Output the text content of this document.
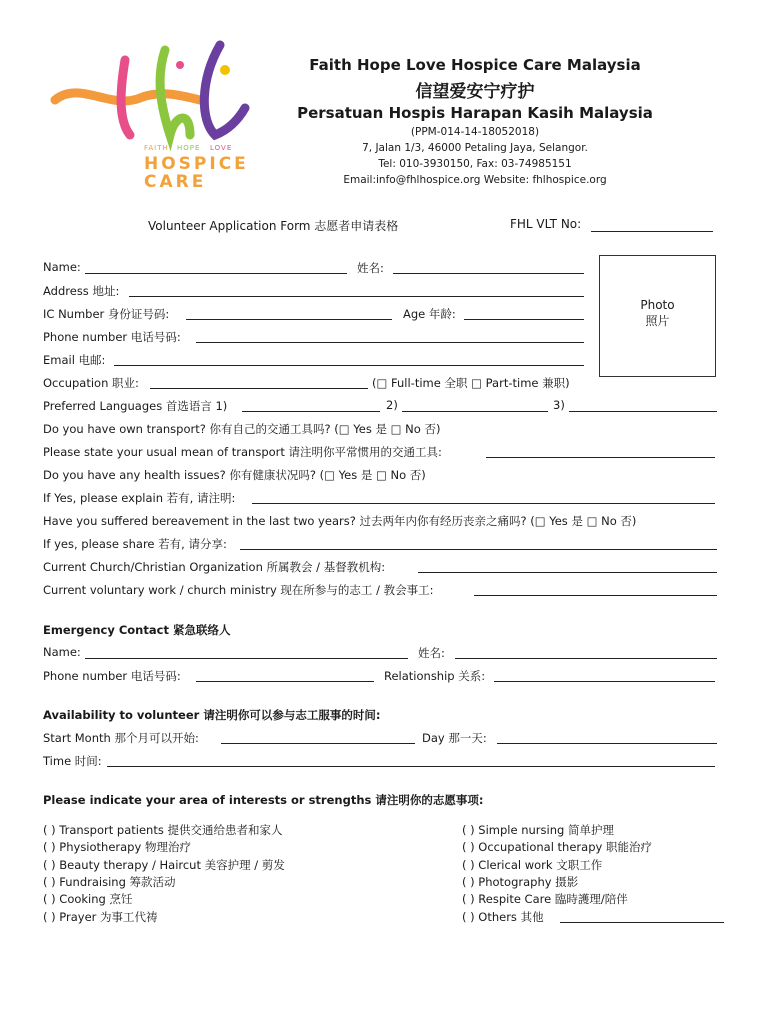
FAITH HOPE LOVE
HOSPICE
CARE
Faith Hope Love Hospice Care Malaysia
信望爱安宁疗护
Persatuan Hospis Harapan Kasih Malaysia
(PPM-014-14-18052018)
7, Jalan 1/3, 46000 Petaling Jaya, Selangor.
Tel: 010-3930150, Fax: 03-74985151
Email:info@fhlhospice.org Website: fhlhospice.org
Volunteer Application Form 志愿者申请表格	FHL VLT No:
Photo
照片
Name:	姓名:
Address 地址:
IC Number 身份证号码:	Age 年龄:
Phone number 电话号码:
Email 电邮:
Occupation 职业:	(□ Full-time 全职 □ Part-time 兼职)
Preferred Languages 首选语言 1)	2)	3)
Do you have own transport? 你有自己的交通工具吗? (□ Yes 是 □ No 否)
Please state your usual mean of transport 请注明你平常惯用的交通工具:
Do you have any health issues? 你有健康状况吗? (□ Yes 是 □ No 否)
If Yes, please explain 若有, 请注明:
Have you suffered bereavement in the last two years? 过去两年内你有经历丧亲之痛吗? (□ Yes 是 □ No 否)
If yes, please share 若有, 请分享:
Current Church/Christian Organization 所属教会 / 基督教机构:
Current voluntary work / church ministry 现在所参与的志工 / 教会事工:
Emergency Contact 紧急联络人
Name:	姓名:
Phone number 电话号码:	Relationship 关系:
Availability to volunteer 请注明你可以参与志工服事的时间:
Start Month 那个月可以开始:	Day 那一天:
Time 时间:
Please indicate your area of interests or strengths 请注明你的志愿事项:
( ) Transport patients 提供交通给患者和家人
( ) Physiotherapy 物理治疗
( ) Beauty therapy / Haircut 美容护理 / 剪发
( ) Fundraising 筹款活动
( ) Cooking 烹饪
( ) Prayer 为事工代祷
( ) Simple nursing 简单护理
( ) Occupational therapy 职能治疗
( ) Clerical work 文职工作
( ) Photography 摄影
( ) Respite Care 臨時護理/陪伴
( ) Others 其他
